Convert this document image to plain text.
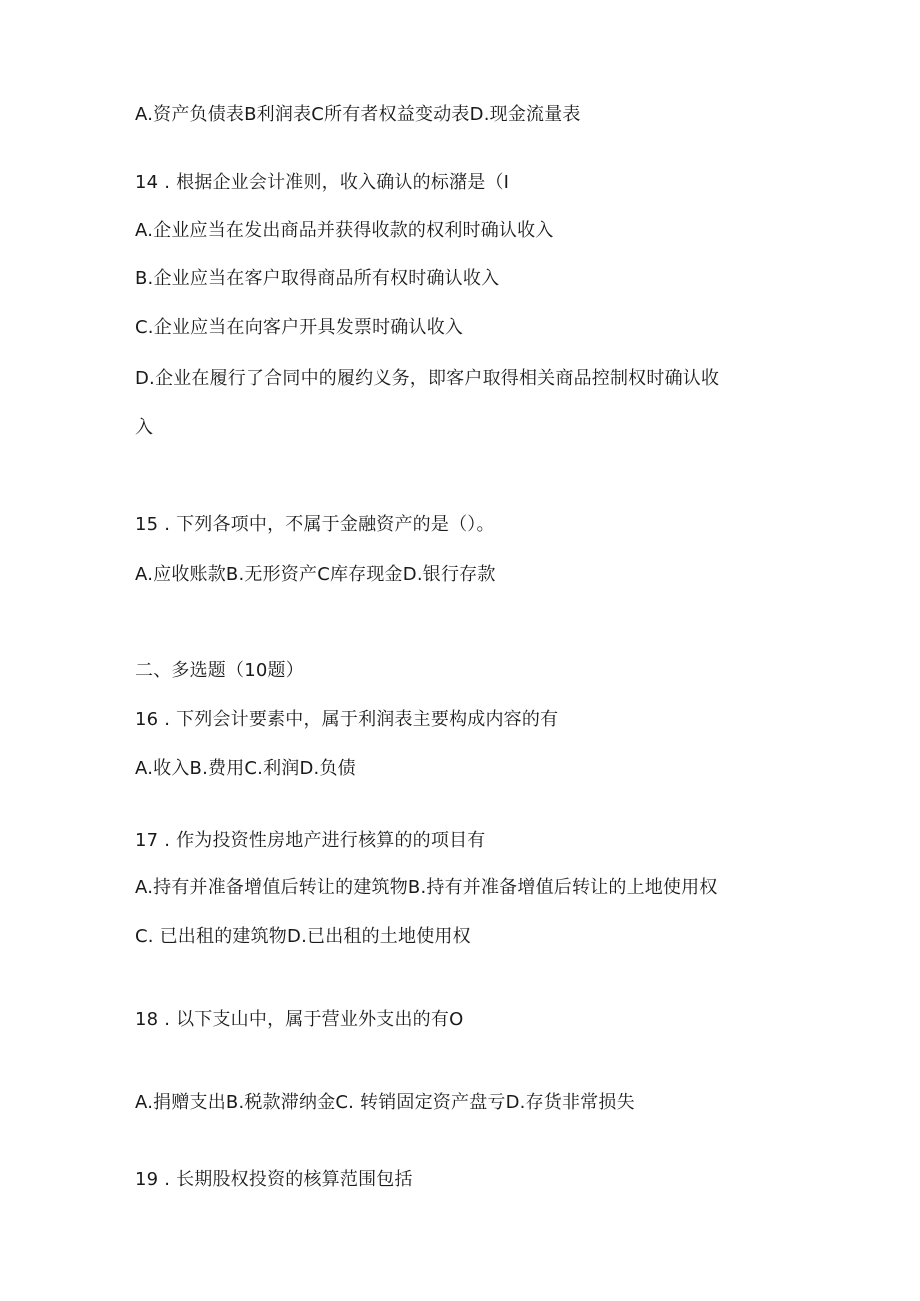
A.资产负债表B利润表C所有者权益变动表D.现金流量表

14 . 根据企业会计准则，收入确认的标潴是（I

A.企业应当在发出商品并获得收款的权利时确认收入

B.企业应当在客户取得商品所有权时确认收入

C.企业应当在向客户开具发票时确认收入

D.企业在履行了合同中的履约义务，即客户取得相关商品控制权时确认收

入

15 . 下列各项中，不属于金融资产的是（）。

A.应收账款B.无形资产C库存现金D.银行存款

二、多选题（10题）

16 . 下列会计要素中，属于利润表主要构成内容的有

A.收入B.费用C.利润D.负债

17 . 作为投资性房地产进行核算的的项目有

A.持有并准备增值后转让的建筑物B.持有并准备增值后转让的上地使用权

C. 已出租的建筑物D.已出租的土地使用权

18 . 以下支山中，属于营业外支出的有O

A.捐赠支出B.税款滞纳金C. 转销固定资产盘亏D.存货非常损失

19 . 长期股权投资的核算范围包括
